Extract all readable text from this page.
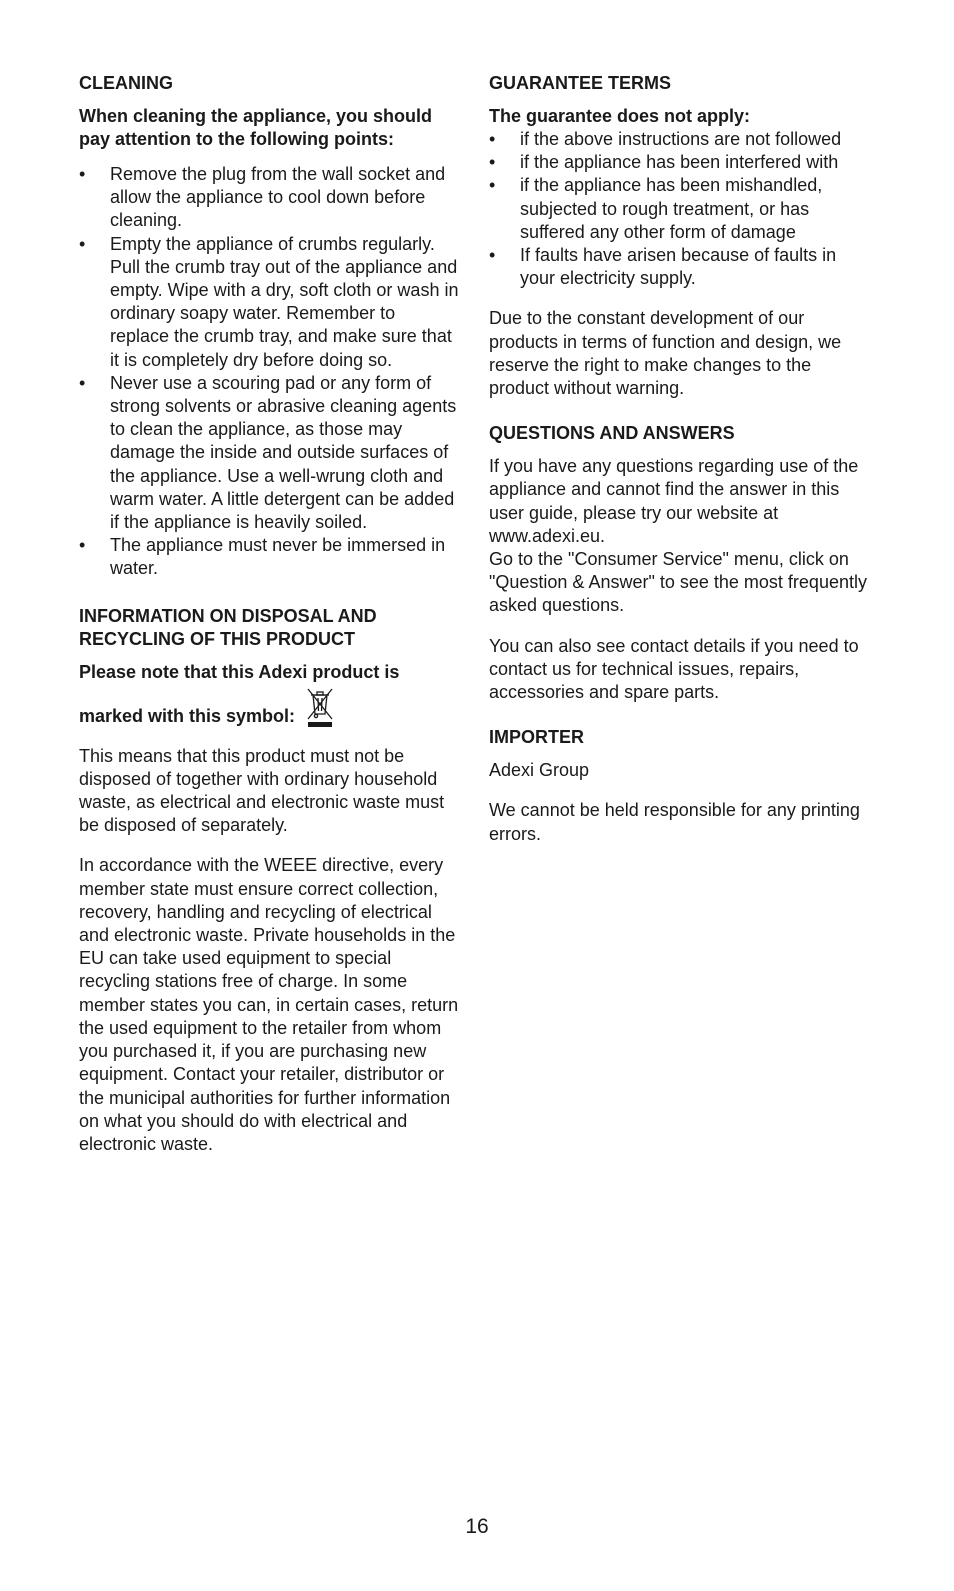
CLEANING

When cleaning the appliance, you should pay attention to the following points:

• Remove the plug from the wall socket and allow the appliance to cool down before cleaning.
• Empty the appliance of crumbs regularly. Pull the crumb tray out of the appliance and empty. Wipe with a dry, soft cloth or wash in ordinary soapy water. Remember to replace the crumb tray, and make sure that it is completely dry before doing so.
• Never use a scouring pad or any form of strong solvents or abrasive cleaning agents to clean the appliance, as those may damage the inside and outside surfaces of the appliance. Use a well-wrung cloth and warm water. A little detergent can be added if the appliance is heavily soiled.
• The appliance must never be immersed in water.
INFORMATION ON DISPOSAL AND RECYCLING OF THIS PRODUCT

Please note that this Adexi product is

marked with this symbol:

This means that this product must not be disposed of together with ordinary household waste, as electrical and electronic waste must be disposed of separately.

In accordance with the WEEE directive, every member state must ensure correct collection, recovery, handling and recycling of electrical and electronic waste. Private households in the EU can take used equipment to special recycling stations free of charge. In some member states you can, in certain cases, return the used equipment to the retailer from whom you purchased it, if you are purchasing new equipment. Contact your retailer, distributor or the municipal authorities for further information on what you should do with electrical and electronic waste.

GUARANTEE TERMS

The guarantee does not apply:

• if the above instructions are not followed
• if the appliance has been interfered with
• if the appliance has been mishandled, subjected to rough treatment, or has suffered any other form of damage
• If faults have arisen because of faults in your electricity supply.

Due to the constant development of our products in terms of function and design, we reserve the right to make changes to the product without warning.

QUESTIONS AND ANSWERS

If you have any questions regarding use of the appliance and cannot find the answer in this user guide, please try our website at www.adexi.eu.

Go to the "Consumer Service" menu, click on "Question & Answer" to see the most frequently asked questions.

You can also see contact details if you need to contact us for technical issues, repairs, accessories and spare parts.

IMPORTER

Adexi Group

We cannot be held responsible for any printing errors.

16
